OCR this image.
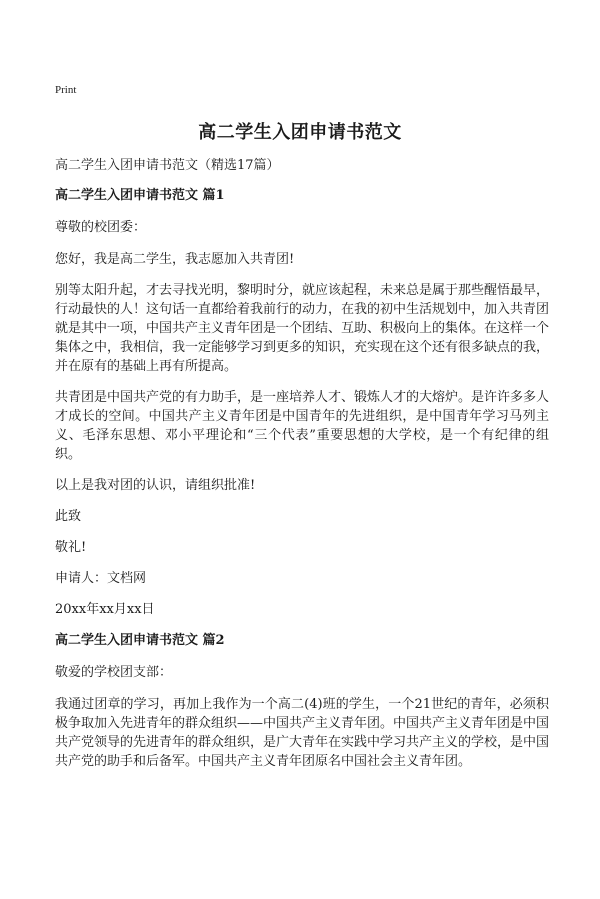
Print
高二学生入团申请书范文
高二学生入团申请书范文（精选17篇）

高二学生入团申请书范文 篇1

尊敬的校团委：

您好，我是高二学生，我志愿加入共青团!

别等太阳升起，才去寻找光明，黎明时分，就应该起程，未来总是属于那些醒悟最早，行动最快的人！这句话一直都给着我前行的动力，在我的初中生活规划中，加入共青团就是其中一项，中国共产主义青年团是一个团结、互助、积极向上的集体。在这样一个集体之中，我相信，我一定能够学习到更多的知识，充实现在这个还有很多缺点的我，并在原有的基础上再有所提高。

共青团是中国共产党的有力助手，是一座培养人才、锻炼人才的大熔炉。是许许多多人才成长的空间。中国共产主义青年团是中国青年的先进组织，是中国青年学习马列主义、毛泽东思想、邓小平理论和“三个代表”重要思想的大学校，是一个有纪律的组织。

以上是我对团的认识，请组织批准!

此致

敬礼!

申请人：文档网

20xx年xx月xx日

高二学生入团申请书范文 篇2

敬爱的学校团支部：

我通过团章的学习，再加上我作为一个高二(4)班的学生，一个21世纪的青年，必须积极争取加入先进青年的群众组织——中国共产主义青年团。中国共产主义青年团是中国共产党领导的先进青年的群众组织，是广大青年在实践中学习共产主义的学校，是中国共产党的助手和后备军。中国共产主义青年团原名中国社会主义青年团。
